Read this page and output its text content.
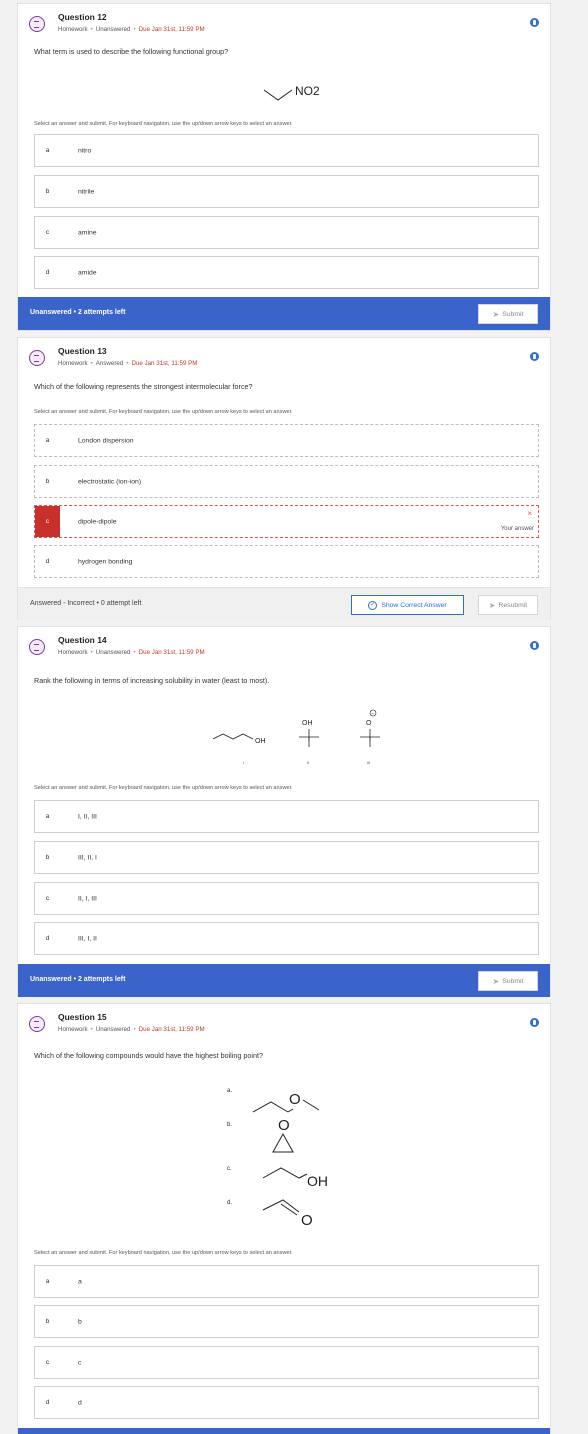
Question 12
Homework • Unanswered • Due Jan 31st, 11:59 PM
What term is used to describe the following functional group?
NO2
Select an answer and submit. For keyboard navigation, use the up/down arrow keys to select an answer.
a	nitro
b	nitrile
c	amine
d	amide
Unanswered • 2 attempts left	➤ Submit
Question 13
Homework • Answered • Due Jan 31st, 11:59 PM
Which of the following represents the strongest intermolecular force?
Select an answer and submit. For keyboard navigation, use the up/down arrow keys to select an answer.
a	London dispersion
b	electrostatic (ion-ion)
c	dipole-dipole
×
Your answer
d	hydrogen bonding
Answered - Incorrect • 0 attempt left	✓ Show Correct Answer	➤ Resubmit
Question 14
Homework • Unanswered • Due Jan 31st, 11:59 PM
Rank the following in terms of increasing solubility in water (least to most).
OH
I
OH
II
O
−
III
Select an answer and submit. For keyboard navigation, use the up/down arrow keys to select an answer.
a	I, II, III
b	III, II, I
c	II, I, III
d	III, I, II
Unanswered • 2 attempts left	➤ Submit
Question 15
Homework • Unanswered • Due Jan 31st, 11:59 PM
Which of the following compounds would have the highest boiling point?
a.	O
b.	O
c.
OH
d.
O
Select an answer and submit. For keyboard navigation, use the up/down arrow keys to select an answer.
a	a
b	b
c	c
d	d
